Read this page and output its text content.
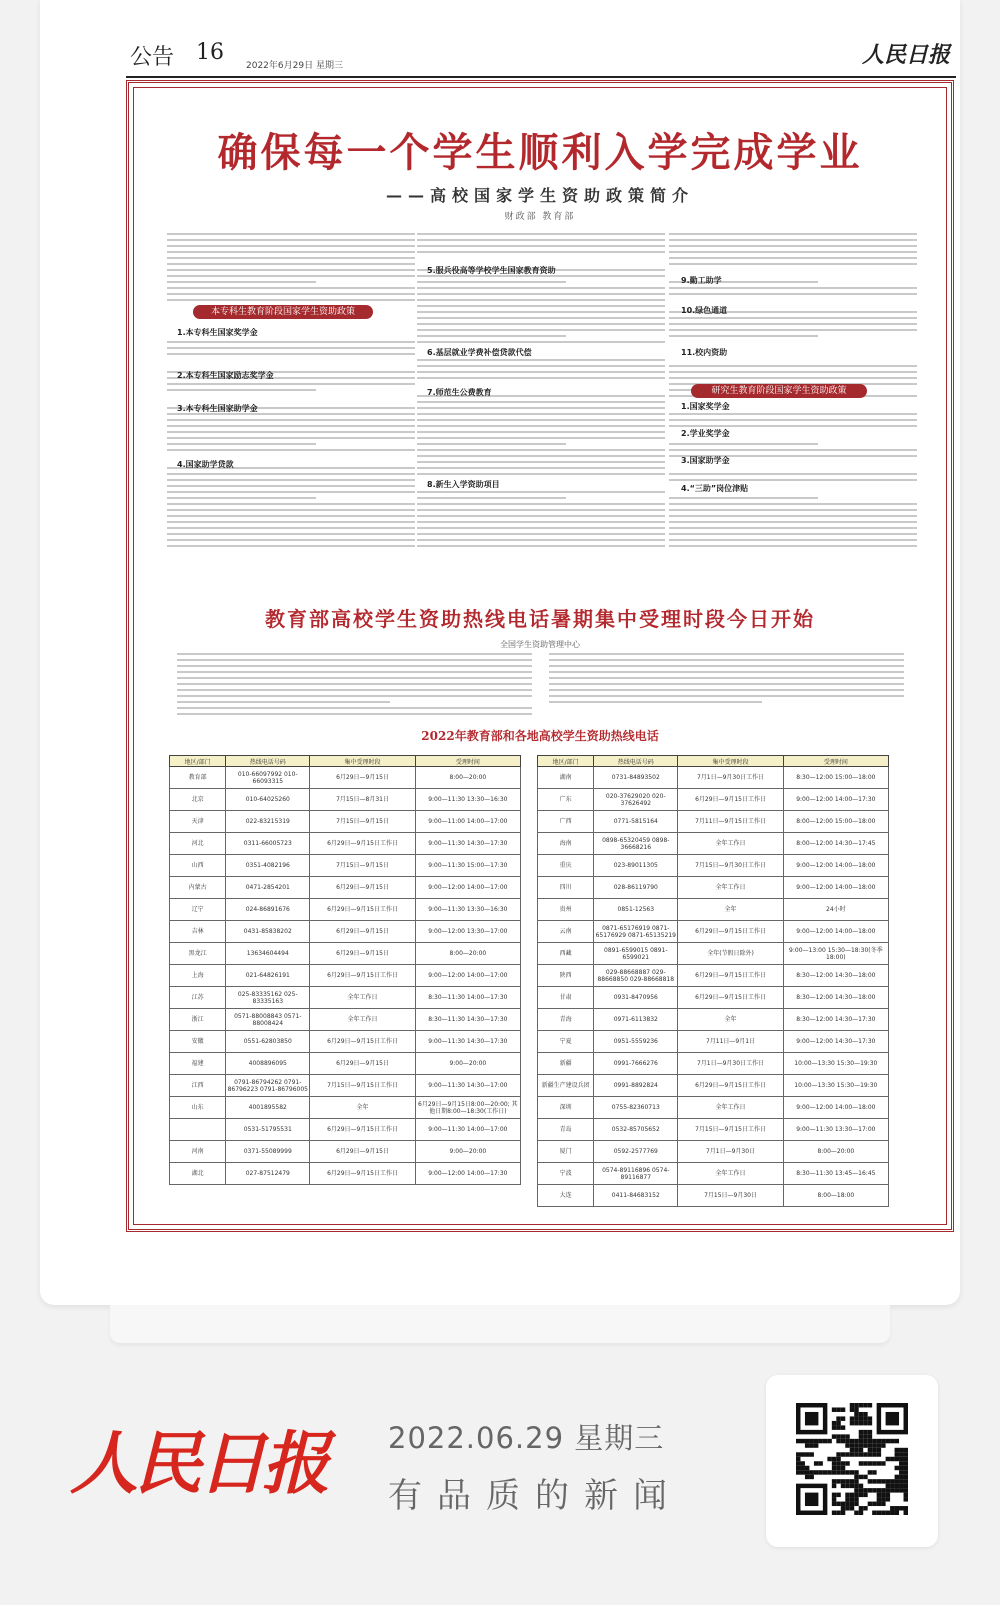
公告 16
2022年6月29日 星期三	人民日报
确保每一个学生顺利入学完成学业
——高校国家学生资助政策简介
财政部 教育部
本专科生教育阶段国家学生资助政策
研究生教育阶段国家学生资助政策
1.本专科生国家奖学金
2.本专科生国家励志奖学金
3.本专科生国家助学金
4.国家助学贷款
5.服兵役高等学校学生国家教育资助
6.基层就业学费补偿贷款代偿
7.师范生公费教育
8.新生入学资助项目
9.勤工助学
10.绿色通道
11.校内资助
1.国家奖学金
2.学业奖学金
3.国家助学金
4.“三助”岗位津贴
教育部高校学生资助热线电话暑期集中受理时段今日开始
全国学生资助管理中心
2022年教育部和各地高校学生资助热线电话
地区/部门	热线电话号码	集中受理时段	受理时间
教育部	010-66097992 010-66093315	6月29日—9月15日	8:00—20:00
北京	010-64025260	7月15日—8月31日	9:00—11:30 13:30—16:30
天津	022-83215319	7月15日—9月15日	9:00—11:00 14:00—17:00
河北	0311-66005723	6月29日—9月15日工作日	9:00—11:30 14:30—17:30
山西	0351-4082196	7月15日—9月15日	9:00—11:30 15:00—17:30
内蒙古	0471-2854201	6月29日—9月15日	9:00—12:00 14:00—17:00
辽宁	024-86891676	6月29日—9月15日工作日	9:00—11:30 13:30—16:30
吉林	0431-85838202	6月29日—9月15日	9:00—12:00 13:30—17:00
黑龙江	13634604494	6月29日—9月15日	8:00—20:00
上海	021-64826191	6月29日—9月15日工作日	9:00—12:00 14:00—17:00
江苏	025-83335162 025-83335163	全年工作日	8:30—11:30 14:00—17:30
浙江	0571-88008843 0571-88008424	全年工作日	8:30—11:30 14:30—17:30
安徽	0551-62803850	6月29日—9月15日工作日	9:00—11:30 14:30—17:30
福建	4008896095	6月29日—9月15日	9:00—20:00
江西	0791-86794262 0791-86796223 0791-86796005	7月15日—9月15日工作日	9:00—11:30 14:30—17:00
山东	4001895582	全年	6月29日—9月15日8:00—20:00; 其他日期8:00—18:30(工作日)
	0531-51795531	6月29日—9月15日工作日	9:00—11:30 14:00—17:00
河南	0371-55089999	6月29日—9月15日	9:00—20:00
湖北	027-87512479	6月29日—9月15日工作日	9:00—12:00 14:00—17:30
地区/部门	热线电话号码	集中受理时段	受理时间
湖南	0731-84893502	7月1日—9月30日工作日	8:30—12:00 15:00—18:00
广东	020-37629020 020-37626492	6月29日—9月15日工作日	9:00—12:00 14:00—17:30
广西	0771-5815164	7月11日—9月15日工作日	8:00—12:00 15:00—18:00
海南	0898-65320459 0898-36668216	全年工作日	8:00—12:00 14:30—17:45
重庆	023-89011305	7月15日—9月30日工作日	9:00—12:00 14:00—18:00
四川	028-86119790	全年工作日	9:00—12:00 14:00—18:00
贵州	0851-12563	全年	24小时
云南	0871-65176919 0871-65176929 0871-65135219	6月29日—9月15日工作日	9:00—12:00 14:00—18:00
西藏	0891-6599015 0891-6599021	全年(节假日除外)	9:00—13:00 15:30—18:30(冬季18:00)
陕西	029-88668887 029-88668850 029-88668818	6月29日—9月15日工作日	8:30—12:00 14:30—18:00
甘肃	0931-8470956	6月29日—9月15日工作日	8:30—12:00 14:30—18:00
青海	0971-6113832	全年	8:30—12:00 14:30—17:30
宁夏	0951-5559236	7月11日—9月1日	9:00—12:00 14:30—17:30
新疆	0991-7666276	7月1日—9月30日工作日	10:00—13:30 15:30—19:30
新疆生产建设兵团	0991-8892824	6月29日—9月15日工作日	10:00—13:30 15:30—19:30
深圳	0755-82360713	全年工作日	9:00—12:00 14:00—18:00
青岛	0532-85705652	7月15日—9月15日工作日	9:00—11:30 13:30—17:00
厦门	0592-2577769	7月1日—9月30日	8:00—20:00
宁波	0574-89116896 0574-89116877	全年工作日	8:30—11:30 13:45—16:45
大连	0411-84683152	7月15日—9月30日	8:00—18:00
人民日报 2022.06.29 星期三
有品质的新闻
